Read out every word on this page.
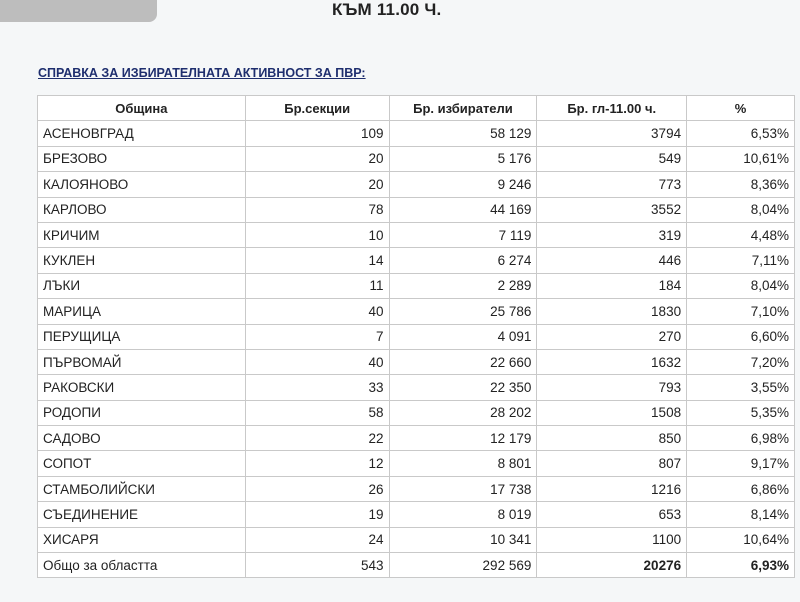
КЪМ 11.00 Ч.
СПРАВКА ЗА ИЗБИРАТЕЛНАТА АКТИВНОСТ ЗА ПВР:
Община	Бр.секции	Бр. избиратели	Бр. гл-11.00 ч.	%
АСЕНОВГРАД	109	58 129	3794	6,53%
БРЕЗОВО	20	5 176	549	10,61%
КАЛОЯНОВО	20	9 246	773	8,36%
КАРЛОВО	78	44 169	3552	8,04%
КРИЧИМ	10	7 119	319	4,48%
КУКЛЕН	14	6 274	446	7,11%
ЛЪКИ	11	2 289	184	8,04%
МАРИЦА	40	25 786	1830	7,10%
ПЕРУЩИЦА	7	4 091	270	6,60%
ПЪРВОМАЙ	40	22 660	1632	7,20%
РАКОВСКИ	33	22 350	793	3,55%
РОДОПИ	58	28 202	1508	5,35%
САДОВО	22	12 179	850	6,98%
СОПОТ	12	8 801	807	9,17%
СТАМБОЛИЙСКИ	26	17 738	1216	6,86%
СЪЕДИНЕНИЕ	19	8 019	653	8,14%
ХИСАРЯ	24	10 341	1100	10,64%
Общо за областта	543	292 569	20276	6,93%
